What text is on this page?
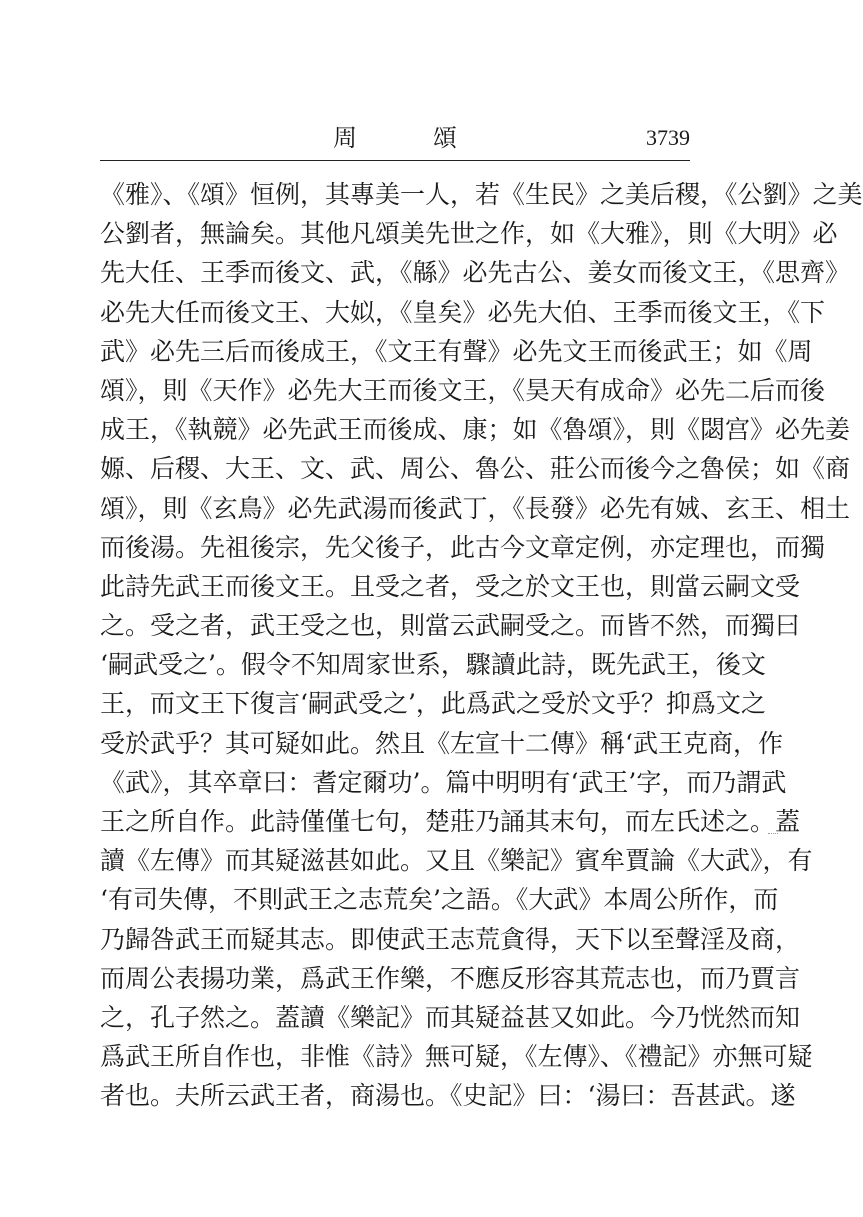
周　頌	3739
《雅》、《頌》恒例，其專美一人，若《生民》之美后稷，《公劉》之美
公劉者，無論矣。其他凡頌美先世之作，如《大雅》，則《大明》必
先大任、王季而後文、武，《緜》必先古公、姜女而後文王，《思齊》
必先大任而後文王、大姒，《皇矣》必先大伯、王季而後文王，《下
武》必先三后而後成王，《文王有聲》必先文王而後武王；如《周
頌》，則《天作》必先大王而後文王，《昊天有成命》必先二后而後
成王，《執競》必先武王而後成、康；如《魯頌》，則《閟宫》必先姜
嫄、后稷、大王、文、武、周公、魯公、莊公而後今之魯侯；如《商
頌》，則《玄鳥》必先武湯而後武丁，《長發》必先有娀、玄王、相土
而後湯。先祖後宗，先父後子，此古今文章定例，亦定理也，而獨
此詩先武王而後文王。且受之者，受之於文王也，則當云嗣文受
之。受之者，武王受之也，則當云武嗣受之。而皆不然，而獨曰
‘嗣武受之’。假令不知周家世系，驟讀此詩，既先武王，後文
王，而文王下復言‘嗣武受之’，此爲武之受於文乎？抑爲文之
受於武乎？其可疑如此。然且《左宣十二傳》稱‘武王克商，作
《武》，其卒章曰：耆定爾功’。篇中明明有‘武王’字，而乃謂武
王之所自作。此詩僅僅七句，楚莊乃誦其末句，而左氏述之。蓋
讀《左傳》而其疑滋甚如此。又且《樂記》賓牟賈論《大武》，有
‘有司失傳，不則武王之志荒矣’之語。《大武》本周公所作，而
乃歸咎武王而疑其志。即使武王志荒貪得，天下以至聲淫及商，
而周公表揚功業，爲武王作樂，不應反形容其荒志也，而乃賈言
之，孔子然之。蓋讀《樂記》而其疑益甚又如此。今乃恍然而知
爲武王所自作也，非惟《詩》無可疑，《左傳》、《禮記》亦無可疑
者也。夫所云武王者，商湯也。《史記》曰：‘湯曰：吾甚武。遂
